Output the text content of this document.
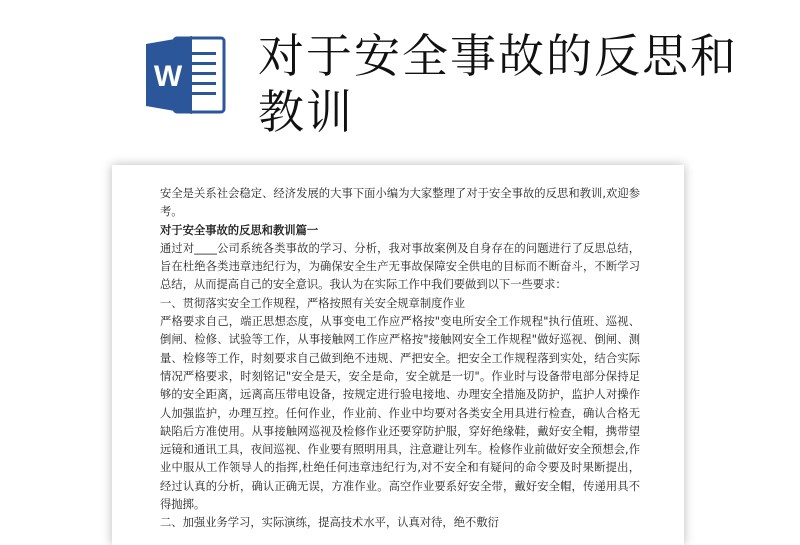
W 对于安全事故的反思和教训

安全是关系社会稳定、经济发展的大事下面小编为大家整理了对于安全事故的反思和教训,欢迎参考。

对于安全事故的反思和教训篇一

通过对____公司系统各类事故的学习、分析，我对事故案例及自身存在的问题进行了反思总结，旨在杜绝各类违章违纪行为，为确保安全生产无事故保障安全供电的目标而不断奋斗，不断学习总结，从而提高自己的安全意识。我认为在实际工作中我们要做到以下一些要求：

一、贯彻落实安全工作规程，严格按照有关安全规章制度作业

严格要求自己，端正思想态度，从事变电工作应严格按"变电所安全工作规程"执行值班、巡视、倒闸、检修、试验等工作，从事接触网工作应严格按"接触网安全工作规程"做好巡视、倒闸、测量、检修等工作，时刻要求自己做到绝不违规、严把安全。把安全工作规程落到实处，结合实际情况严格要求，时刻铭记"安全是天，安全是命，安全就是一切"。作业时与设备带电部分保持足够的安全距离，远离高压带电设备，按规定进行验电接地、办理安全措施及防护，监护人对操作人加强监护，办理互控。任何作业，作业前、作业中均要对各类安全用具进行检查，确认合格无缺陷后方准使用。从事接触网巡视及检修作业还要穿防护服，穿好绝缘鞋，戴好安全帽，携带望远镜和通讯工具，夜间巡视、作业要有照明用具，注意避让列车。检修作业前做好安全预想会,作业中服从工作领导人的指挥,杜绝任何违章违纪行为,对不安全和有疑问的命令要及时果断提出，经过认真的分析，确认正确无误，方准作业。高空作业要系好安全带，戴好安全帽，传递用具不得抛掷。

二、加强业务学习，实际演练，提高技术水平，认真对待，绝不敷衍
